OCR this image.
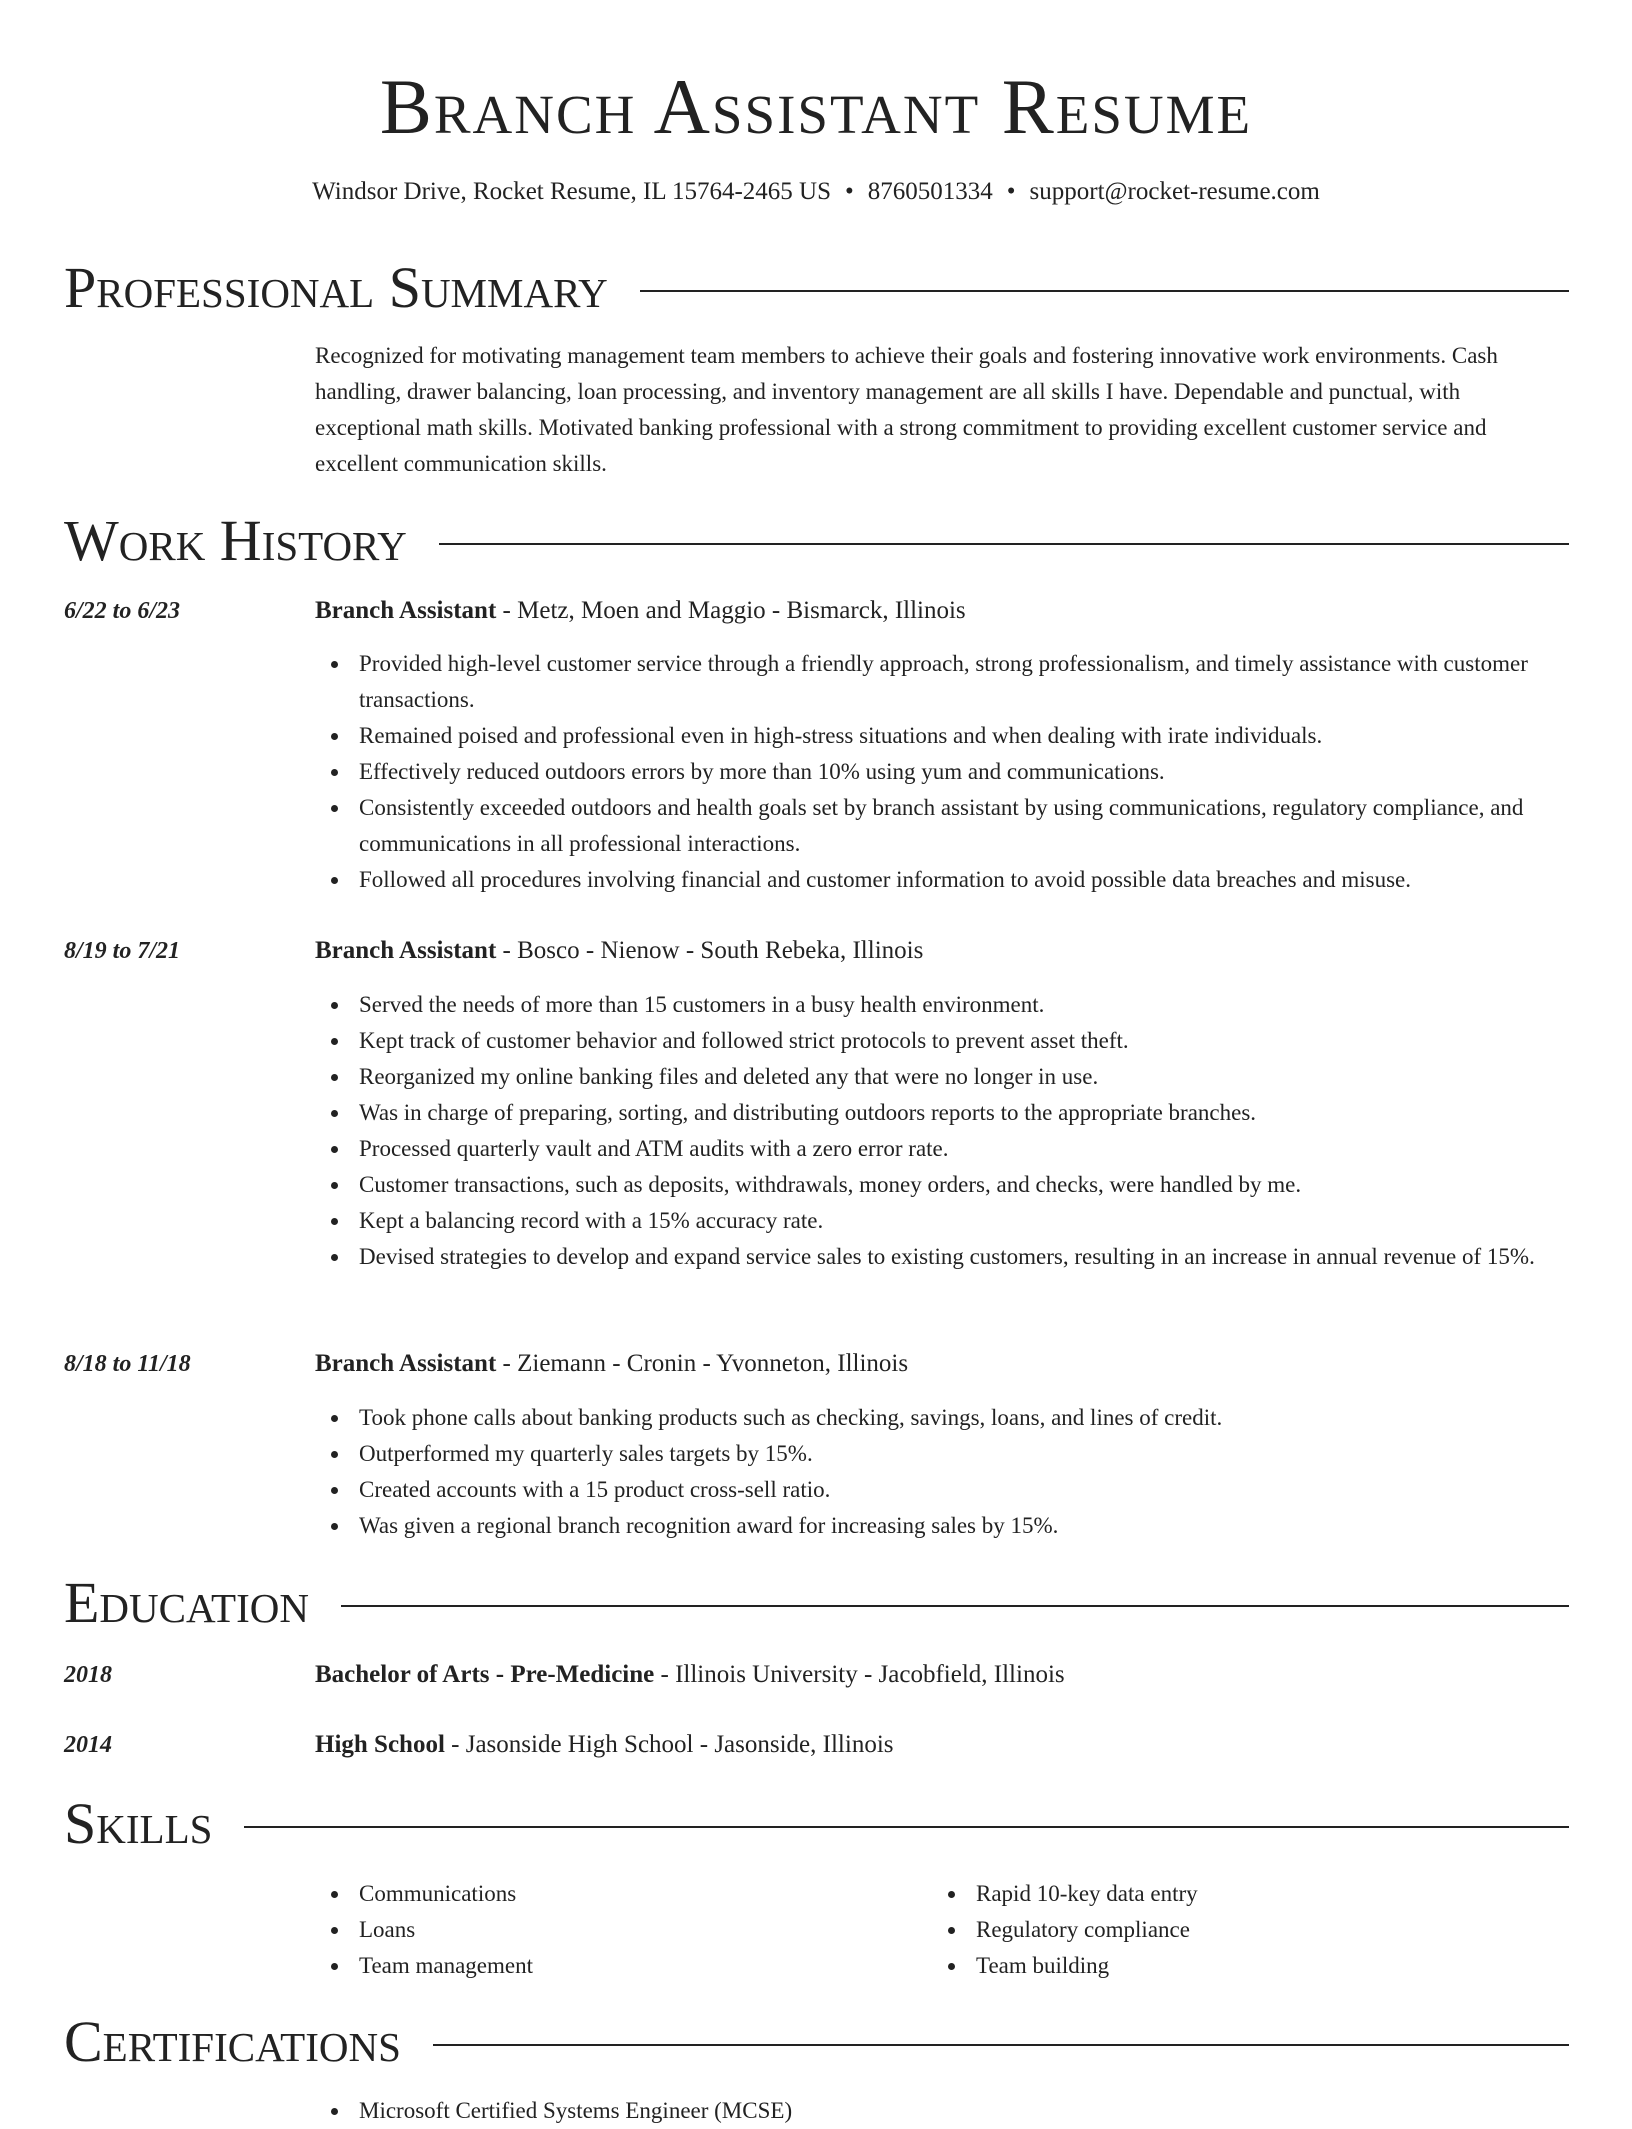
Branch Assistant Resume
Windsor Drive, Rocket Resume, IL 15764-2465 US • 8760501334 • support@rocket-resume.com
Professional Summary
Recognized for motivating management team members to achieve their goals and fostering innovative work environments. Cash handling, drawer balancing, loan processing, and inventory management are all skills I have. Dependable and punctual, with exceptional math skills. Motivated banking professional with a strong commitment to providing excellent customer service and excellent communication skills.
Work History
6/22 to 6/23	Branch Assistant - Metz, Moen and Maggio - Bismarck, Illinois
Provided high-level customer service through a friendly approach, strong professionalism, and timely assistance with customer transactions.
Remained poised and professional even in high-stress situations and when dealing with irate individuals.
Effectively reduced outdoors errors by more than 10% using yum and communications.
Consistently exceeded outdoors and health goals set by branch assistant by using communications, regulatory compliance, and communications in all professional interactions.
Followed all procedures involving financial and customer information to avoid possible data breaches and misuse.
8/19 to 7/21	Branch Assistant - Bosco - Nienow - South Rebeka, Illinois
Served the needs of more than 15 customers in a busy health environment.
Kept track of customer behavior and followed strict protocols to prevent asset theft.
Reorganized my online banking files and deleted any that were no longer in use.
Was in charge of preparing, sorting, and distributing outdoors reports to the appropriate branches.
Processed quarterly vault and ATM audits with a zero error rate.
Customer transactions, such as deposits, withdrawals, money orders, and checks, were handled by me.
Kept a balancing record with a 15% accuracy rate.
Devised strategies to develop and expand service sales to existing customers, resulting in an increase in annual revenue of 15%.
8/18 to 11/18	Branch Assistant - Ziemann - Cronin - Yvonneton, Illinois
Took phone calls about banking products such as checking, savings, loans, and lines of credit.
Outperformed my quarterly sales targets by 15%.
Created accounts with a 15 product cross-sell ratio.
Was given a regional branch recognition award for increasing sales by 15%.
Education
2018	Bachelor of Arts - Pre-Medicine - Illinois University - Jacobfield, Illinois
2014	High School - Jasonside High School - Jasonside, Illinois
Skills
Communications
Loans
Team management
Rapid 10-key data entry
Regulatory compliance
Team building
Certifications
Microsoft Certified Systems Engineer (MCSE)
